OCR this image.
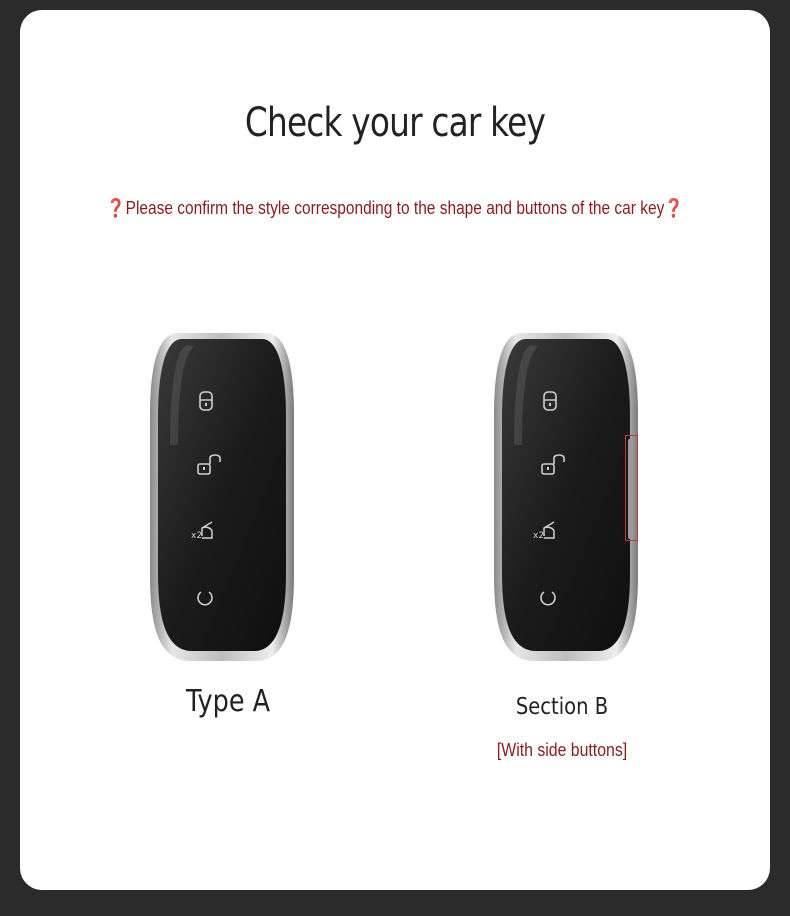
Check your car key
❓Please confirm the style corresponding to the shape and buttons of the car key❓
x2	x2
Type A	Section B
[With side buttons]
